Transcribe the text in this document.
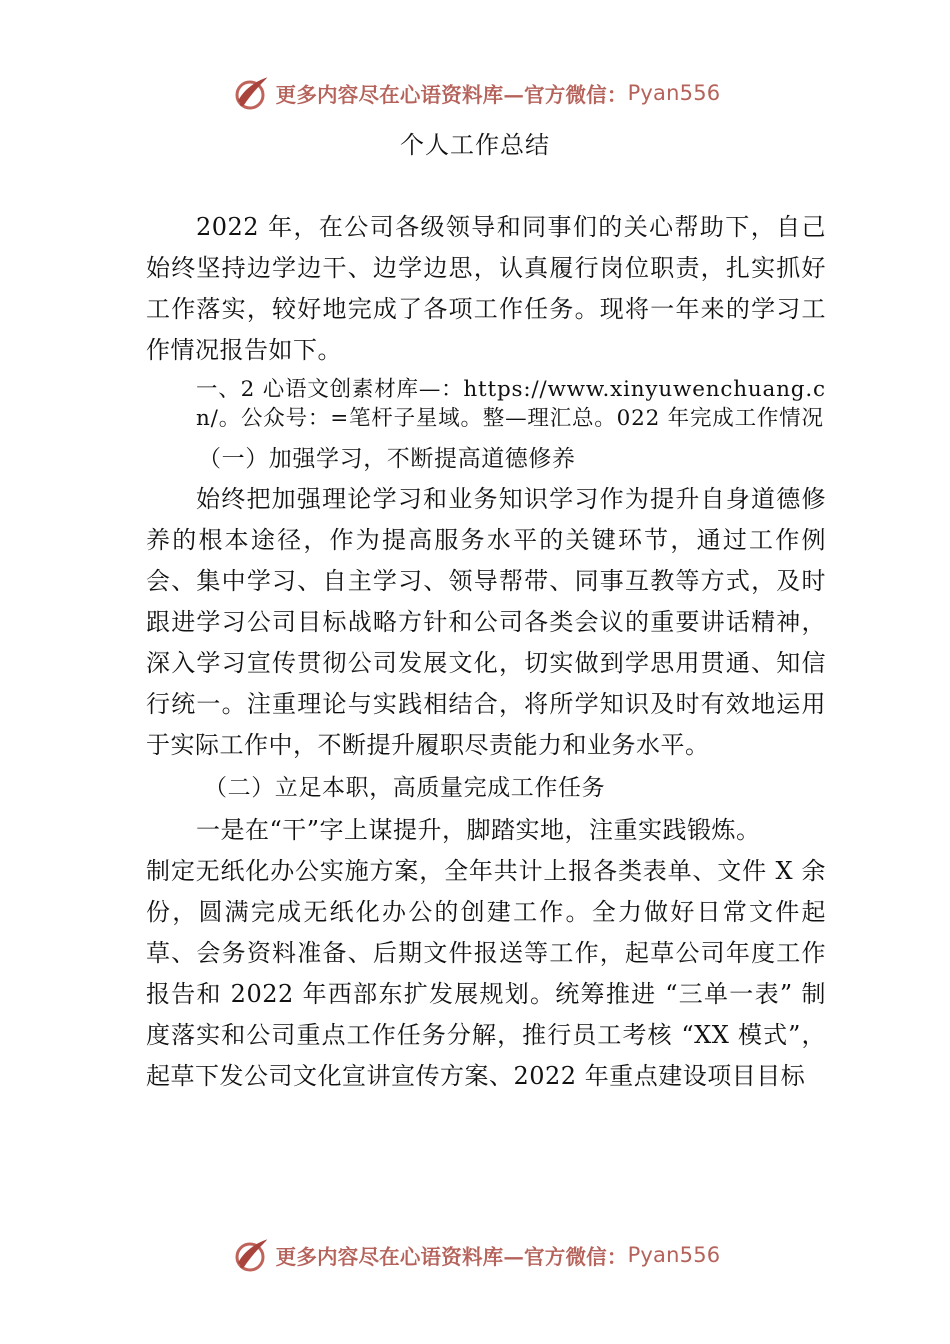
更多内容尽在心语资料库—官方微信： Pyan556
个人工作总结

2022 年，在公司各级领导和同事们的关心帮助下，自己始终坚持边学边干、边学边思，认真履行岗位职责，扎实抓好工作落实，较好地完成了各项工作任务。现将一年来的学习工作情况报告如下。

一、2 心语文创素材库—：https://www.xinyuwenchuang.cn/。公众号：=笔杆子星域。整—理汇总。022 年完成工作情况

（一）加强学习，不断提高道德修养

始终把加强理论学习和业务知识学习作为提升自身道德修养的根本途径，作为提高服务水平的关键环节，通过工作例会、集中学习、自主学习、领导帮带、同事互教等方式，及时跟进学习公司目标战略方针和公司各类会议的重要讲话精神，深入学习宣传贯彻公司发展文化，切实做到学思用贯通、知信行统一。注重理论与实践相结合，将所学知识及时有效地运用于实际工作中，不断提升履职尽责能力和业务水平。

（二）立足本职，高质量完成工作任务

一是在“干”字上谋提升，脚踏实地，注重实践锻炼。

制定无纸化办公实施方案，全年共计上报各类表单、文件 X 余份，圆满完成无纸化办公的创建工作。全力做好日常文件起草、会务资料准备、后期文件报送等工作，起草公司年度工作报告和 2022 年西部东扩发展规划。统筹推进 “三单一表” 制度落实和公司重点工作任务分解，推行员工考核 “XX 模式”， 起草下发公司文化宣讲宣传方案、2022 年重点建设项目目标

更多内容尽在心语资料库—官方微信： Pyan556
